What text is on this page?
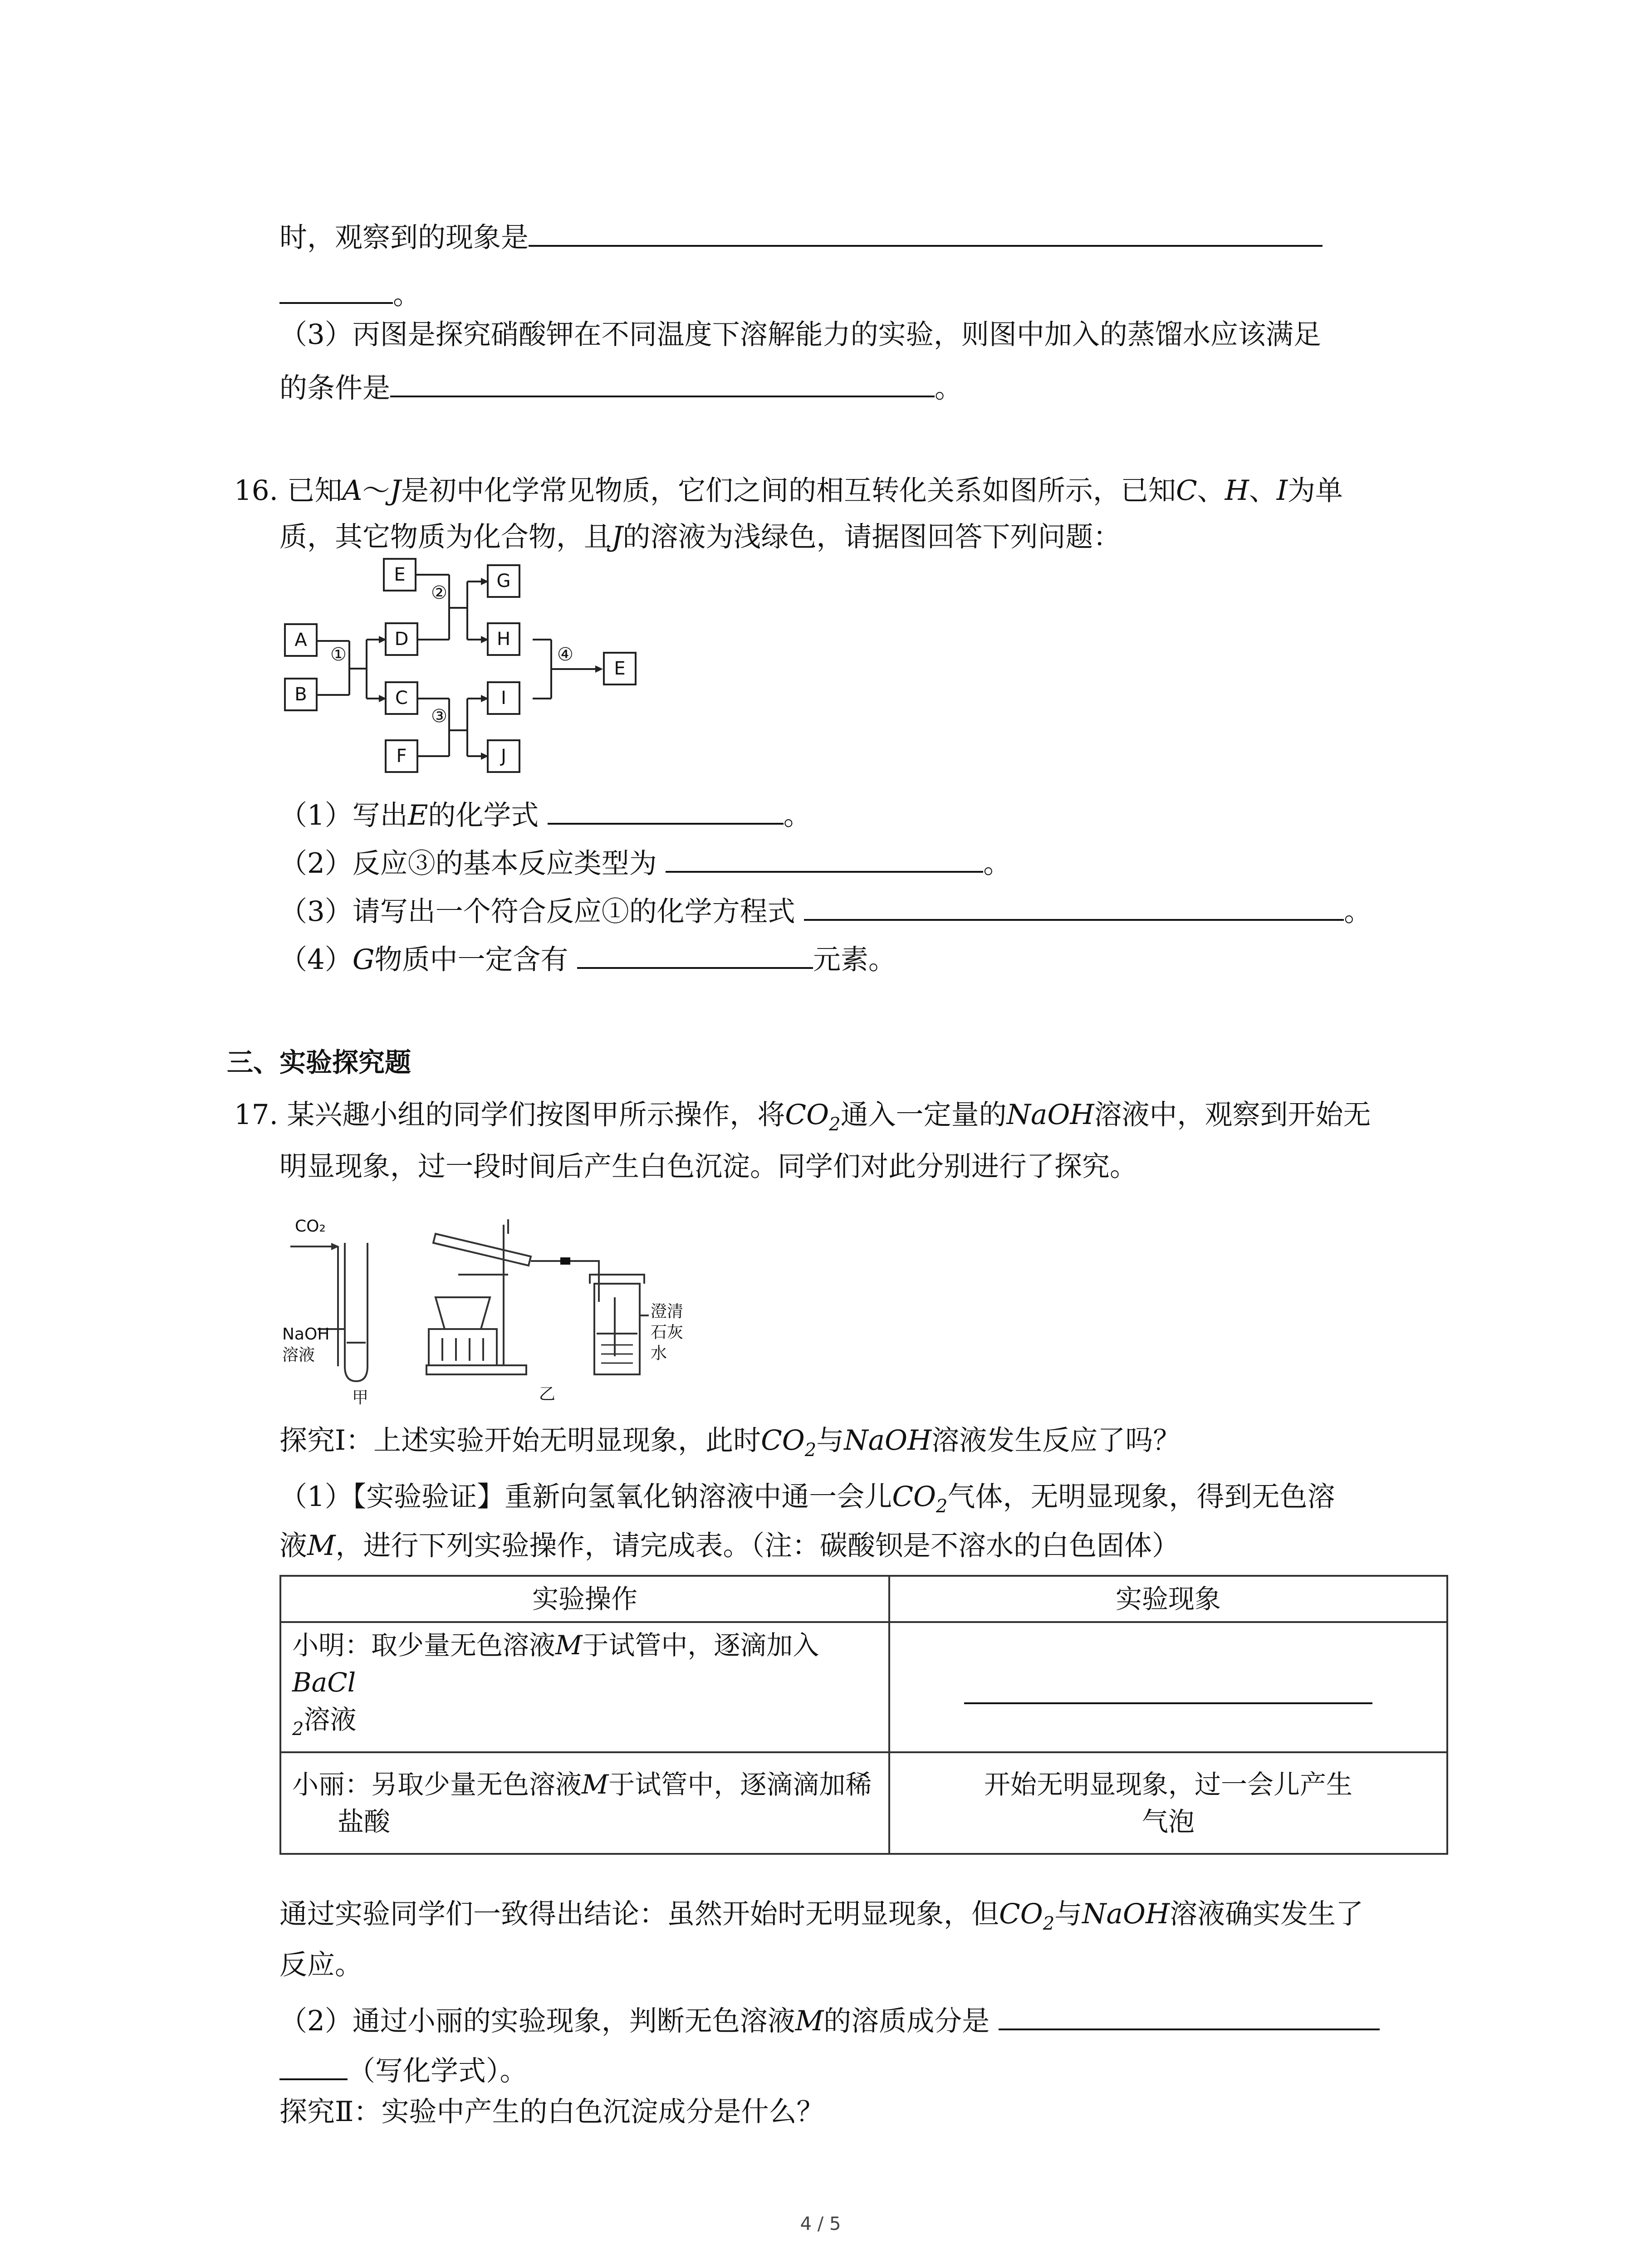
时，观察到的现象是
。
（3）丙图是探究硝酸钾在不同温度下溶解能力的实验，则图中加入的蒸馏水应该满足
的条件是	。
16. 已知A～J是初中化学常见物质，它们之间的相互转化关系如图所示，已知C、H、I为单
质，其它物质为化合物，且J的溶液为浅绿色，请据图回答下列问题：
E	G
A	D	H
E
B	C	I
F	J
①
②
③
④
（1）写出E的化学式	。
（2）反应③的基本反应类型为	。
（3）请写出一个符合反应①的化学方程式	。
（4）G物质中一定含有	元素。
三、实验探究题
17. 某兴趣小组的同学们按图甲所示操作，将$CO_2$通入一定量的NaOH溶液中，观察到开始无
明显现象，过一段时间后产生白色沉淀。同学们对此分别进行了探究。
CO₂
NaOH
溶液
甲	乙
澄清
石灰
水
探究Ⅰ：上述实验开始无明显现象，此时$CO_2$与NaOH溶液发生反应了吗？
（1）【实验验证】重新向氢氧化钠溶液中通一会儿$CO_2$气体，无明显现象，得到无色溶
液M，进行下列实验操作，请完成表。（注：碳酸钡是不溶水的白色固体）
实验操作	实验现象
小明：取少量无色溶液M于试管中，逐滴加入BaCl
$_2$溶液	
小丽：另取少量无色溶液M于试管中，逐滴滴加稀
盐酸	开始无明显现象，过一会儿产生
气泡
通过实验同学们一致得出结论：虽然开始时无明显现象，但$CO_2$与NaOH溶液确实发生了
反应。
（2）通过小丽的实验现象，判断无色溶液M的溶质成分是
（写化学式）。
探究Ⅱ：实验中产生的白色沉淀成分是什么？
4 / 5
